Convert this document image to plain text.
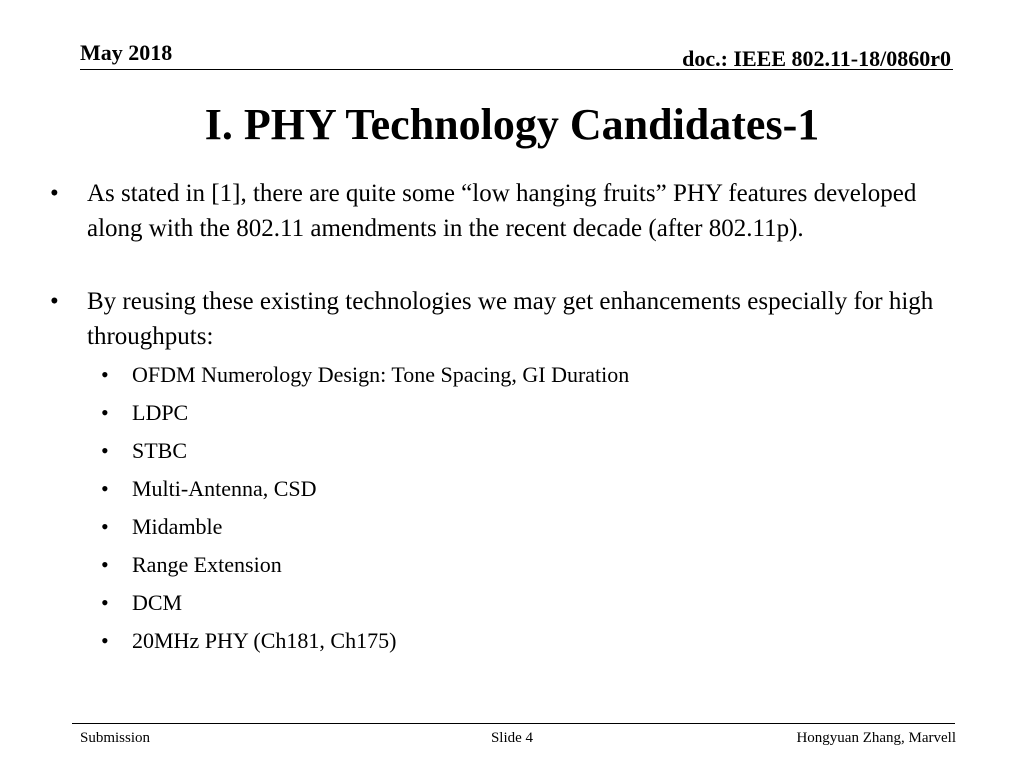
May 2018	doc.: IEEE 802.11-18/0860r0
I. PHY Technology Candidates-1
• As stated in [1], there are quite some “low hanging fruits” PHY features developed along with the 802.11 amendments in the recent decade (after 802.11p).
• By reusing these existing technologies we may get enhancements especially for high throughputs:
• OFDM Numerology Design: Tone Spacing, GI Duration
• LDPC
• STBC
• Multi-Antenna, CSD
• Midamble
• Range Extension
• DCM
• 20MHz PHY (Ch181, Ch175)
Submission	Slide 4	Hongyuan Zhang, Marvell
